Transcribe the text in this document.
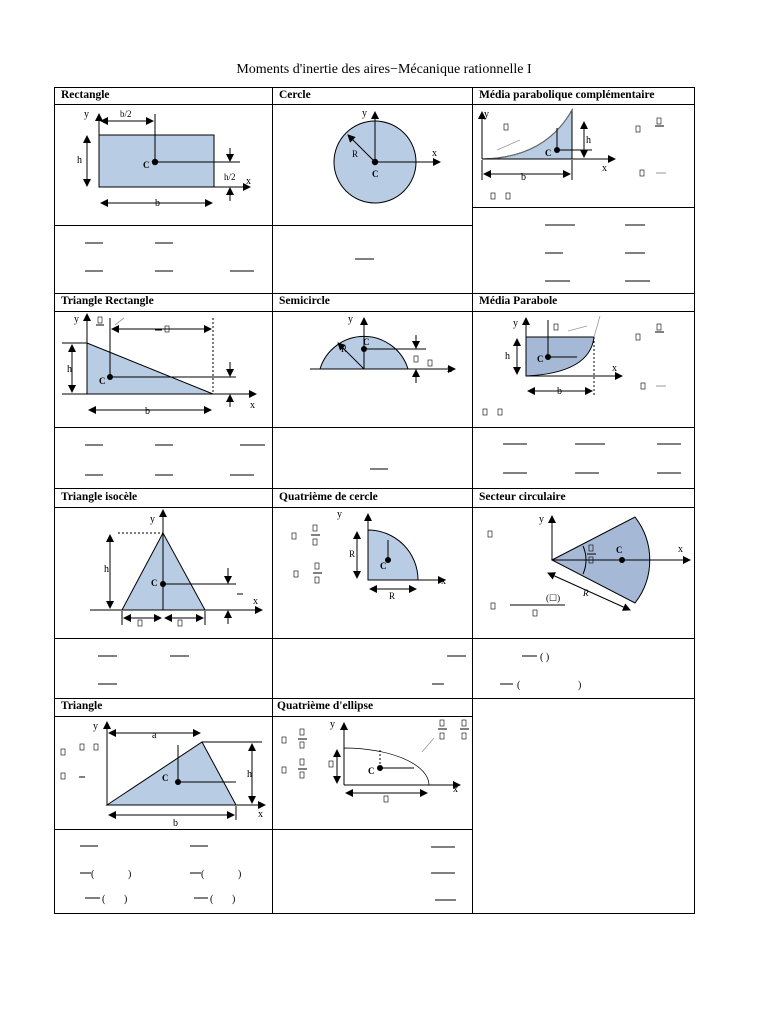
Moments d'inertie des aires−Mécanique rationnelle I
Rectangle	Cercle	Média parabolique complémentaire
Triangle Rectangle	Semicircle	Média Parabole
Triangle isocèle	Quatrième de cercle	Secteur circulaire
Triangle	Quatrième d'ellipse
y
x
b/2
h
h/2
b
C
y
x
R
C
y
x
h
b
C
y
x
h
b
C
y
x
R
C
y
x
h
b
C
y
x
h
C
y
x
R
R
C
y
x
R
C
(☐)
( )
(	)
y
x
a
h
b
C
(	)	(	)
( )	( )
y
x
C
